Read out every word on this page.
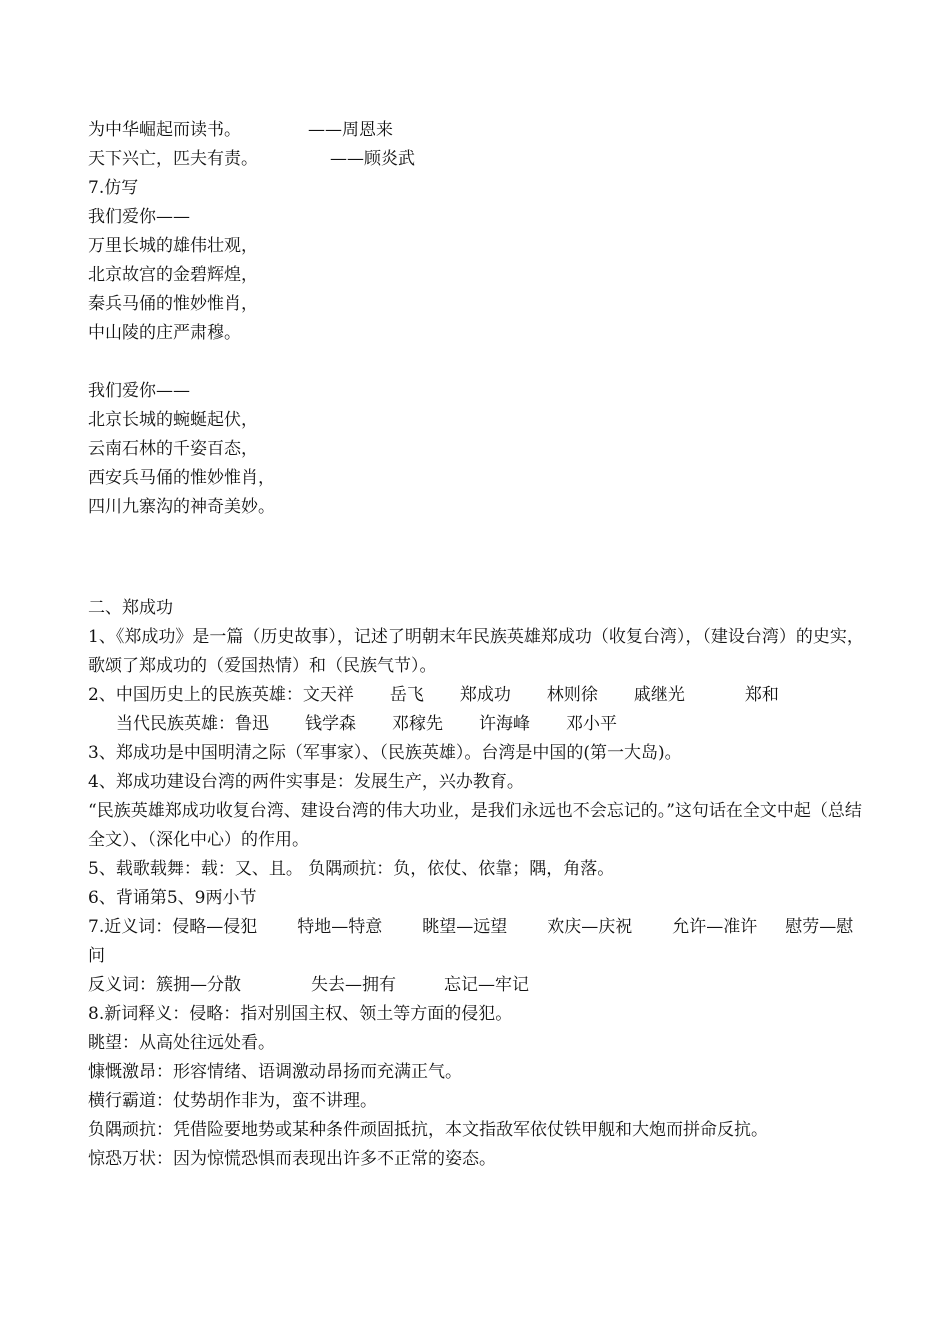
为中华崛起而读书。	——周恩来
天下兴亡，匹夫有责。	——顾炎武
7.仿写
我们爱你——
万里长城的雄伟壮观，
北京故宫的金碧辉煌，
秦兵马俑的惟妙惟肖，
中山陵的庄严肃穆。
我们爱你——
北京长城的蜿蜒起伏，
云南石林的千姿百态，
西安兵马俑的惟妙惟肖，
四川九寨沟的神奇美妙。
二、郑成功
1、《郑成功》是一篇（历史故事），记述了明朝末年民族英雄郑成功（收复台湾），（建设台湾）的史实，歌颂了郑成功的（爱国热情）和（民族气节）。
2、中国历史上的民族英雄：文天祥 岳飞 郑成功 林则徐 戚继光	郑和
当代民族英雄：鲁迅 钱学森 邓稼先 许海峰 邓小平
3、郑成功是中国明清之际（军事家）、（民族英雄）。台湾是中国的(第一大岛)。
4、郑成功建设台湾的两件实事是：发展生产，兴办教育。
“民族英雄郑成功收复台湾、建设台湾的伟大功业，是我们永远也不会忘记的。”这句话在全文中起（总结全文）、（深化中心）的作用。
5、载歌载舞：载：又、且。 负隅顽抗：负，依仗、依靠；隅，角落。
6、背诵第5、9两小节
7.近义词：侵略—侵犯 特地—特意 眺望—远望 欢庆—庆祝 允许—准许 慰劳—慰问
反义词：簇拥—分散	失去—拥有	忘记—牢记
8.新词释义：侵略：指对别国主权、领土等方面的侵犯。
眺望：从高处往远处看。
慷慨激昂：形容情绪、语调激动昂扬而充满正气。
横行霸道：仗势胡作非为，蛮不讲理。
负隅顽抗：凭借险要地势或某种条件顽固抵抗，本文指敌军依仗铁甲舰和大炮而拼命反抗。
惊恐万状：因为惊慌恐惧而表现出许多不正常的姿态。
